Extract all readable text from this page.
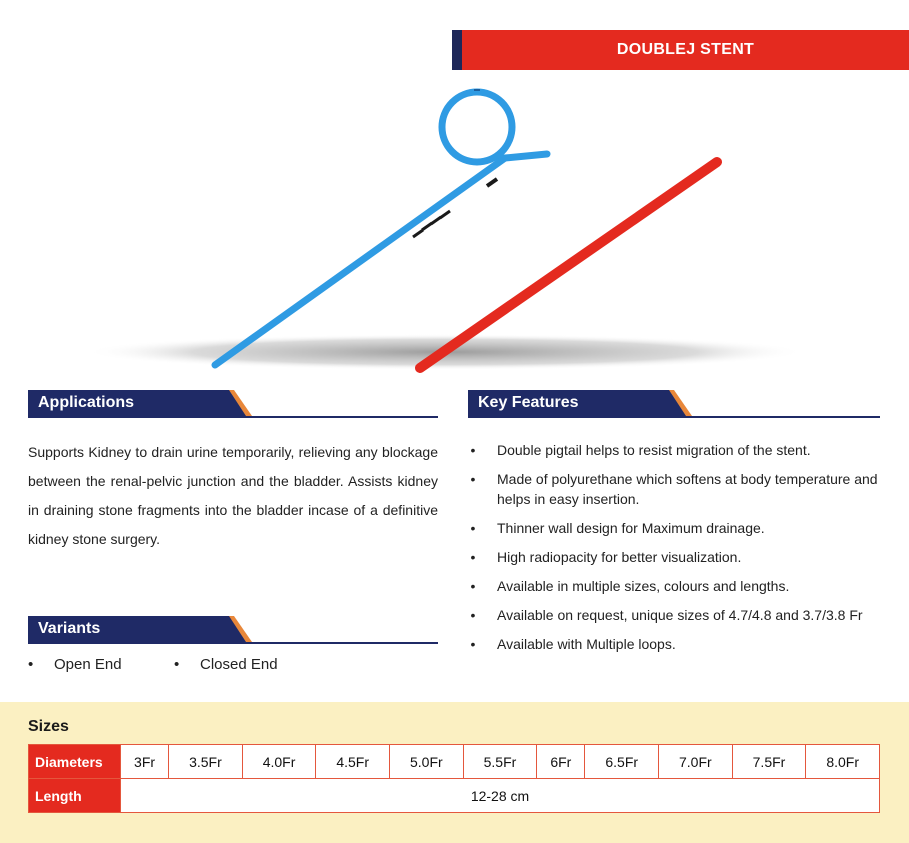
DOUBLEJ STENT
Applications

Supports Kidney to drain urine temporarily, relieving any blockage between the renal-pelvic junction and the bladder. Assists kidney in draining stone fragments into the bladder incase of a definitive kidney stone surgery.

Key Features
• Double pigtail helps to resist migration of the stent.
• Made of polyurethane which softens at body temperature and helps in easy insertion.
• Thinner wall design for Maximum drainage.
• High radiopacity for better visualization.
• Available in multiple sizes, colours and lengths.
• Available on request, unique sizes of 4.7/4.8 and 3.7/3.8 Fr
• Available with Multiple loops.
Variants
• Open End	• Closed End
Sizes
Diameters	3Fr	3.5Fr	4.0Fr	4.5Fr	5.0Fr	5.5Fr	6Fr	6.5Fr	7.0Fr	7.5Fr	8.0Fr
Length	12-28 cm										
